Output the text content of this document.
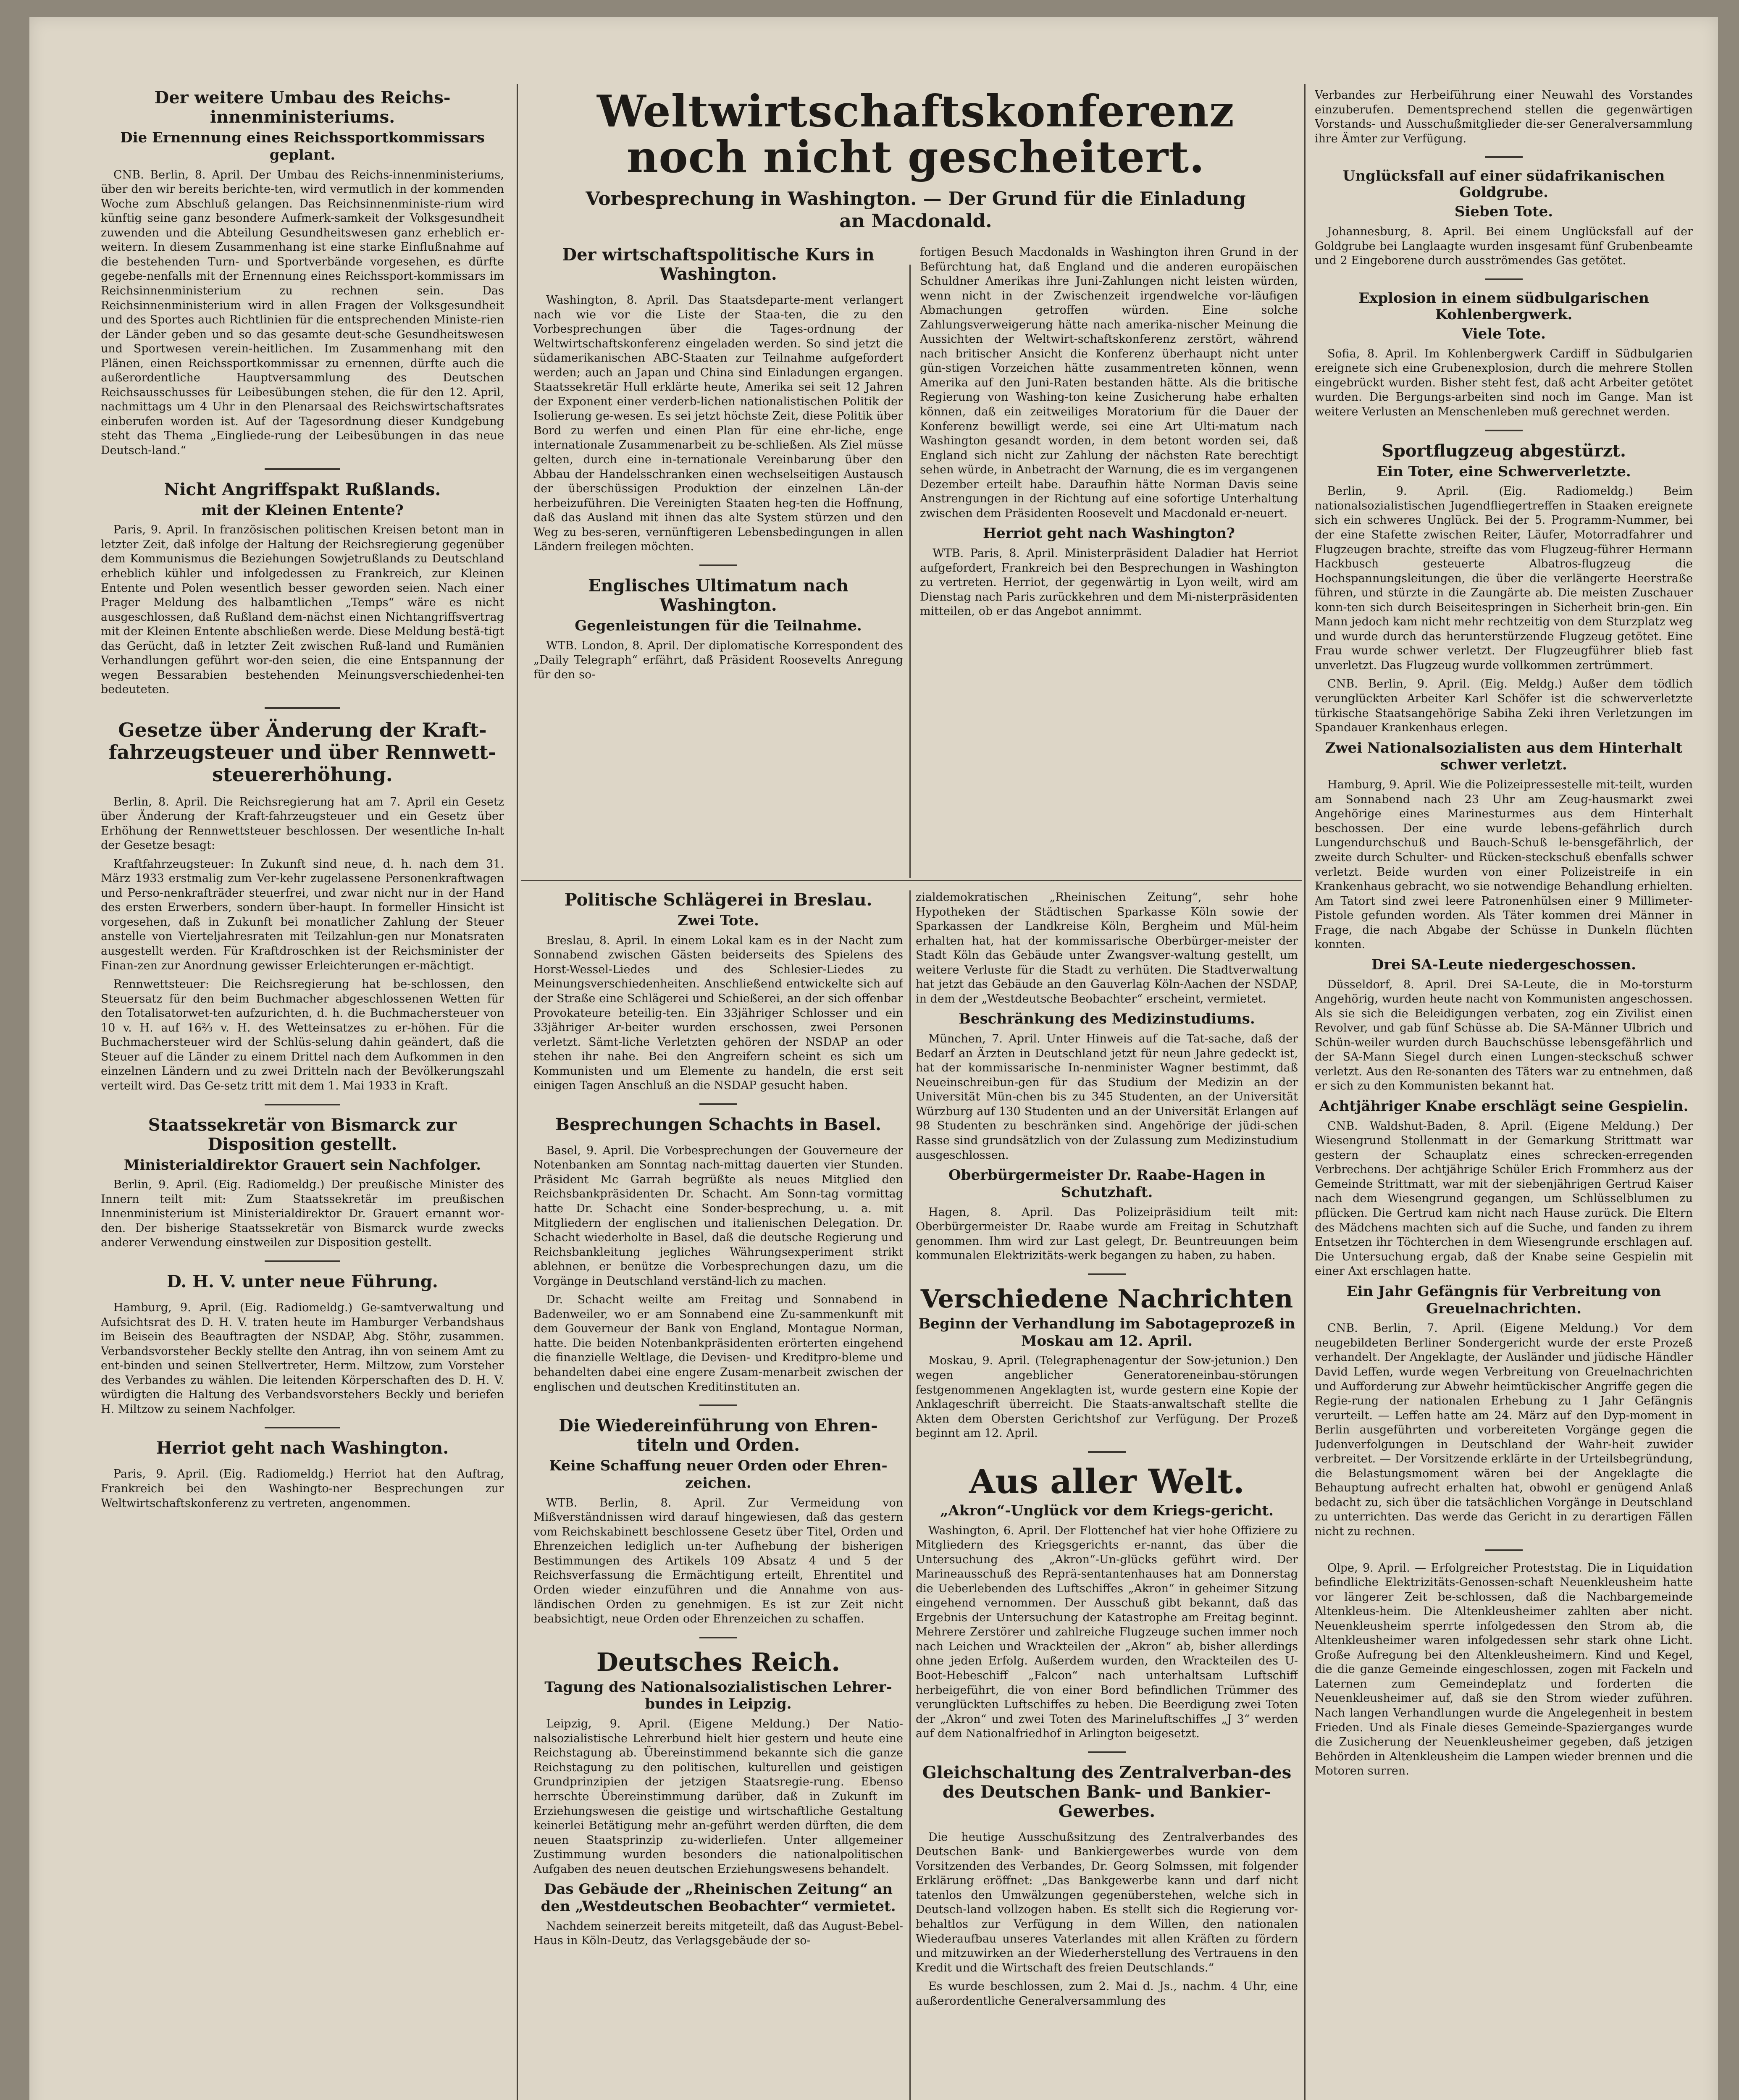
Der weitere Umbau des Reichs-innenministeriums.
Die Ernennung eines Reichssportkommissars geplant.

CNB. Berlin, 8. April. Der Umbau des Reichs-innenministeriums, über den wir bereits berichte-ten, wird vermutlich in der kommenden Woche zum Abschluß gelangen. Das Reichsinnenministe-rium wird künftig seine ganz besondere Aufmerk-samkeit der Volksgesundheit zuwenden und die Abteilung Gesundheitswesen ganz erheblich er-weitern. In diesem Zusammenhang ist eine starke Einflußnahme auf die bestehenden Turn- und Sportverbände vorgesehen, es dürfte gegebe-nenfalls mit der Ernennung eines Reichssport-kommissars im Reichsinnenministerium zu rechnen sein. Das Reichsinnenministerium wird in allen Fragen der Volksgesundheit und des Sportes auch Richtlinien für die entsprechenden Ministe-rien der Länder geben und so das gesamte deut-sche Gesundheitswesen und Sportwesen verein-heitlichen. Im Zusammenhang mit den Plänen, einen Reichssportkommissar zu ernennen, dürfte auch die außerordentliche Hauptversammlung des Deutschen Reichsausschusses für Leibesübungen stehen, die für den 12. April, nachmittags um 4 Uhr in den Plenarsaal des Reichswirtschaftsrates einberufen worden ist. Auf der Tagesordnung dieser Kundgebung steht das Thema „Eingliede-rung der Leibesübungen in das neue Deutsch-land.“

Nicht Angriffspakt Rußlands.
mit der Kleinen Entente?

Paris, 9. April. In französischen politischen Kreisen betont man in letzter Zeit, daß infolge der Haltung der Reichsregierung gegenüber dem Kommunismus die Beziehungen Sowjetrußlands zu Deutschland erheblich kühler und infolgedessen zu Frankreich, zur Kleinen Entente und Polen wesentlich besser geworden seien. Nach einer Prager Meldung des halbamtlichen „Temps“ wäre es nicht ausgeschlossen, daß Rußland dem-nächst einen Nichtangriffsvertrag mit der Kleinen Entente abschließen werde. Diese Meldung bestä-tigt das Gerücht, daß in letzter Zeit zwischen Ruß-land und Rumänien Verhandlungen geführt wor-den seien, die eine Entspannung der wegen Bessarabien bestehenden Meinungsverschiedenhei-ten bedeuteten.

Gesetze über Änderung der Kraft-fahrzeugsteuer und über Rennwett-steuererhöhung.

Berlin, 8. April. Die Reichsregierung hat am 7. April ein Gesetz über Änderung der Kraft-fahrzeugsteuer und ein Gesetz über Erhöhung der Rennwettsteuer beschlossen. Der wesentliche In-halt der Gesetze besagt:

Kraftfahrzeugsteuer: In Zukunft sind neue, d. h. nach dem 31. März 1933 erstmalig zum Ver-kehr zugelassene Personenkraftwagen und Perso-nenkrafträder steuerfrei, und zwar nicht nur in der Hand des ersten Erwerbers, sondern über-haupt. In formeller Hinsicht ist vorgesehen, daß in Zukunft bei monatlicher Zahlung der Steuer anstelle von Vierteljahresraten mit Teilzahlun-gen nur Monatsraten ausgestellt werden. Für Kraftdroschken ist der Reichsminister der Finan-zen zur Anordnung gewisser Erleichterungen er-mächtigt.

Rennwettsteuer: Die Reichsregierung hat be-schlossen, den Steuersatz für den beim Buchmacher abgeschlossenen Wetten für den Totalisatorwet-ten aufzurichten, d. h. die Buchmachersteuer von 10 v. H. auf 16⅔ v. H. des Wetteinsatzes zu er-höhen. Für die Buchmachersteuer wird der Schlüs-selung dahin geändert, daß die Steuer auf die Länder zu einem Drittel nach dem Aufkommen in den einzelnen Ländern und zu zwei Dritteln nach der Bevölkerungszahl verteilt wird. Das Ge-setz tritt mit dem 1. Mai 1933 in Kraft.

Staatssekretär von Bismarck zur Disposition gestellt.
Ministerialdirektor Grauert sein Nachfolger.

Berlin, 9. April. (Eig. Radiomeldg.) Der preußische Minister des Innern teilt mit: Zum Staatssekretär im preußischen Innenministerium ist Ministerialdirektor Dr. Grauert ernannt wor-den. Der bisherige Staatssekretär von Bismarck wurde zwecks anderer Verwendung einstweilen zur Disposition gestellt.

D. H. V. unter neue Führung.

Hamburg, 9. April. (Eig. Radiomeldg.) Ge-samtverwaltung und Aufsichtsrat des D. H. V. traten heute im Hamburger Verbandshaus im Beisein des Beauftragten der NSDAP, Abg. Stöhr, zusammen. Verbandsvorsteher Beckly stellte den Antrag, ihn von seinem Amt zu ent-binden und seinen Stellvertreter, Herm. Miltzow, zum Vorsteher des Verbandes zu wählen. Die leitenden Körperschaften des D. H. V. würdigten die Haltung des Verbandsvorstehers Beckly und beriefen H. Miltzow zu seinem Nachfolger.

Herriot geht nach Washington.

Paris, 9. April. (Eig. Radiomeldg.) Herriot hat den Auftrag, Frankreich bei den Washingto-ner Besprechungen zur Weltwirtschaftskonferenz zu vertreten, angenommen.

Weltwirtschaftskonferenz noch nicht gescheitert.
Vorbesprechung in Washington. — Der Grund für die Einladung an Macdonald.
Der wirtschaftspolitische Kurs in Washington.

Washington, 8. April. Das Staatsdeparte-ment verlangert nach wie vor die Liste der Staa-ten, die zu den Vorbesprechungen über die Tages-ordnung der Weltwirtschaftskonferenz eingeladen werden. So sind jetzt die südamerikanischen ABC-Staaten zur Teilnahme aufgefordert werden; auch an Japan und China sind Einladungen ergangen. Staatssekretär Hull erklärte heute, Amerika sei seit 12 Jahren der Exponent einer verderb-lichen nationalistischen Politik der Isolierung ge-wesen. Es sei jetzt höchste Zeit, diese Politik über Bord zu werfen und einen Plan für eine ehr-liche, enge internationale Zusammenarbeit zu be-schließen. Als Ziel müsse gelten, durch eine in-ternationale Vereinbarung über den Abbau der Handelsschranken einen wechselseitigen Austausch der überschüssigen Produktion der einzelnen Län-der herbeizuführen. Die Vereinigten Staaten heg-ten die Hoffnung, daß das Ausland mit ihnen das alte System stürzen und den Weg zu bes-seren, vernünftigeren Lebensbedingungen in allen Ländern freilegen möchten.

Englisches Ultimatum nach Washington.
Gegenleistungen für die Teilnahme.

WTB. London, 8. April. Der diplomatische Korrespondent des „Daily Telegraph“ erfährt, daß Präsident Roosevelts Anregung für den so-

fortigen Besuch Macdonalds in Washington ihren Grund in der Befürchtung hat, daß England und die anderen europäischen Schuldner Amerikas ihre Juni-Zahlungen nicht leisten würden, wenn nicht in der Zwischenzeit irgendwelche vor-läufigen Abmachungen getroffen würden. Eine solche Zahlungsverweigerung hätte nach amerika-nischer Meinung die Aussichten der Weltwirt-schaftskonferenz zerstört, während nach britischer Ansicht die Konferenz überhaupt nicht unter gün-stigen Vorzeichen hätte zusammentreten können, wenn Amerika auf den Juni-Raten bestanden hätte. Als die britische Regierung von Washing-ton keine Zusicherung habe erhalten können, daß ein zeitweiliges Moratorium für die Dauer der Konferenz bewilligt werde, sei eine Art Ulti-matum nach Washington gesandt worden, in dem betont worden sei, daß England sich nicht zur Zahlung der nächsten Rate berechtigt sehen würde, in Anbetracht der Warnung, die es im vergangenen Dezember erteilt habe. Daraufhin hätte Norman Davis seine Anstrengungen in der Richtung auf eine sofortige Unterhaltung zwischen dem Präsidenten Roosevelt und Macdonald er-neuert.

Herriot geht nach Washington?

WTB. Paris, 8. April. Ministerpräsident Daladier hat Herriot aufgefordert, Frankreich bei den Besprechungen in Washington zu vertreten. Herriot, der gegenwärtig in Lyon weilt, wird am Dienstag nach Paris zurückkehren und dem Mi-nisterpräsidenten mitteilen, ob er das Angebot annimmt.

Politische Schlägerei in Breslau.
Zwei Tote.

Breslau, 8. April. In einem Lokal kam es in der Nacht zum Sonnabend zwischen Gästen beiderseits des Spielens des Horst-Wessel-Liedes und des Schlesier-Liedes zu Meinungsverschiedenheiten. Anschließend entwickelte sich auf der Straße eine Schlägerei und Schießerei, an der sich offenbar Provokateure beteilig-ten. Ein 33jähriger Schlosser und ein 33jähriger Ar-beiter wurden erschossen, zwei Personen verletzt. Sämt-liche Verletzten gehören der NSDAP an oder stehen ihr nahe. Bei den Angreifern scheint es sich um Kommunisten und um Elemente zu handeln, die erst seit einigen Tagen Anschluß an die NSDAP gesucht haben.

Besprechungen Schachts in Basel.

Basel, 9. April. Die Vorbesprechungen der Gouverneure der Notenbanken am Sonntag nach-mittag dauerten vier Stunden. Präsident Mc Garrah begrüßte als neues Mitglied den Reichsbankpräsidenten Dr. Schacht. Am Sonn-tag vormittag hatte Dr. Schacht eine Sonder-besprechung, u. a. mit Mitgliedern der englischen und italienischen Delegation. Dr. Schacht wiederholte in Basel, daß die deutsche Regierung und Reichsbankleitung jegliches Währungsexperiment strikt ablehnen, er benütze die Vorbesprechungen dazu, um die Vorgänge in Deutschland verständ-lich zu machen.

Dr. Schacht weilte am Freitag und Sonnabend in Badenweiler, wo er am Sonnabend eine Zu-sammenkunft mit dem Gouverneur der Bank von England, Montague Norman, hatte. Die beiden Notenbankpräsidenten erörterten eingehend die finanzielle Weltlage, die Devisen- und Kreditpro-bleme und behandelten dabei eine engere Zusam-menarbeit zwischen der englischen und deutschen Kreditinstituten an.

Die Wiedereinführung von Ehren-titeln und Orden.
Keine Schaffung neuer Orden oder Ehren-zeichen.

WTB. Berlin, 8. April. Zur Vermeidung von Mißverständnissen wird darauf hingewiesen, daß das gestern vom Reichskabinett beschlossene Gesetz über Titel, Orden und Ehrenzeichen lediglich un-ter Aufhebung der bisherigen Bestimmungen des Artikels 109 Absatz 4 und 5 der Reichsverfassung die Ermächtigung erteilt, Ehrentitel und Orden wieder einzuführen und die Annahme von aus-ländischen Orden zu genehmigen. Es ist zur Zeit nicht beabsichtigt, neue Orden oder Ehrenzeichen zu schaffen.

Deutsches Reich.
Tagung des Nationalsozialistischen Lehrer-bundes in Leipzig.

Leipzig, 9. April. (Eigene Meldung.) Der Natio-nalsozialistische Lehrerbund hielt hier gestern und heute eine Reichstagung ab. Übereinstimmend bekannte sich die ganze Reichstagung zu den politischen, kulturellen und geistigen Grundprinzipien der jetzigen Staatsregie-rung. Ebenso herrschte Übereinstimmung darüber, daß in Zukunft im Erziehungswesen die geistige und wirtschaftliche Gestaltung keinerlei Betätigung mehr an-geführt werden dürften, die dem neuen Staatsprinzip zu-widerliefen. Unter allgemeiner Zustimmung wurden besonders die nationalpolitischen Aufgaben des neuen deutschen Erziehungswesens behandelt.

Das Gebäude der „Rheinischen Zeitung“ an den „Westdeutschen Beobachter“ vermietet.

Nachdem seinerzeit bereits mitgeteilt, daß das August-Bebel-Haus in Köln-Deutz, das Verlagsgebäude der so-

zialdemokratischen „Rheinischen Zeitung“, sehr hohe Hypotheken der Städtischen Sparkasse Köln sowie der Sparkassen der Landkreise Köln, Bergheim und Mül-heim erhalten hat, hat der kommissarische Oberbürger-meister der Stadt Köln das Gebäude unter Zwangsver-waltung gestellt, um weitere Verluste für die Stadt zu verhüten. Die Stadtverwaltung hat jetzt das Gebäude an den Gauverlag Köln-Aachen der NSDAP, in dem der „Westdeutsche Beobachter“ erscheint, vermietet.

Beschränkung des Medizinstudiums.

München, 7. April. Unter Hinweis auf die Tat-sache, daß der Bedarf an Ärzten in Deutschland jetzt für neun Jahre gedeckt ist, hat der kommissarische In-nenminister Wagner bestimmt, daß Neueinschreibun-gen für das Studium der Medizin an der Universität Mün-chen bis zu 345 Studenten, an der Universität Würzburg auf 130 Studenten und an der Universität Erlangen auf 98 Studenten zu beschränken sind. Angehörige der jüdi-schen Rasse sind grundsätzlich von der Zulassung zum Medizinstudium ausgeschlossen.

Oberbürgermeister Dr. Raabe-Hagen in Schutzhaft.

Hagen, 8. April. Das Polizeipräsidium teilt mit: Oberbürgermeister Dr. Raabe wurde am Freitag in Schutzhaft genommen. Ihm wird zur Last gelegt, Dr. Beuntreuungen beim kommunalen Elektrizitäts-werk begangen zu haben, zu haben.

Verschiedene Nachrichten
Beginn der Verhandlung im Sabotageprozeß in Moskau am 12. April.

Moskau, 9. April. (Telegraphenagentur der Sow-jetunion.) Den wegen angeblicher Generatoreneinbau-störungen festgenommenen Angeklagten ist, wurde gestern eine Kopie der Anklageschrift überreicht. Die Staats-anwaltschaft stellte die Akten dem Obersten Gerichtshof zur Verfügung. Der Prozeß beginnt am 12. April.

Aus aller Welt.
„Akron“-Unglück vor dem Kriegs-gericht.

Washington, 6. April. Der Flottenchef hat vier hohe Offiziere zu Mitgliedern des Kriegsgerichts er-nannt, das über die Untersuchung des „Akron“-Un-glücks geführt wird. Der Marineausschuß des Reprä-sentantenhauses hat am Donnerstag die Ueberlebenden des Luftschiffes „Akron“ in geheimer Sitzung eingehend vernommen. Der Ausschuß gibt bekannt, daß das Ergebnis der Untersuchung der Katastrophe am Freitag beginnt. Mehrere Zerstörer und zahlreiche Flugzeuge suchen immer noch nach Leichen und Wrackteilen der „Akron“ ab, bisher allerdings ohne jeden Erfolg. Außerdem wurden, den Wrackteilen des U-Boot-Hebeschiff „Falcon“ nach unterhaltsam Luftschiff herbeigeführt, die von einer Bord befindlichen Trümmer des verunglückten Luftschiffes zu heben. Die Beerdigung zwei Toten der „Akron“ und zwei Toten des Marineluftschiffes „J 3“ werden auf dem Nationalfriedhof in Arlington beigesetzt.

Gleichschaltung des Zentralverban-des des Deutschen Bank- und Bankier-Gewerbes.

Die heutige Ausschußsitzung des Zentralverbandes des Deutschen Bank- und Bankiergewerbes wurde von dem Vorsitzenden des Verbandes, Dr. Georg Solmssen, mit folgender Erklärung eröffnet: „Das Bankgewerbe kann und darf nicht tatenlos den Umwälzungen gegenüberstehen, welche sich in Deutsch-land vollzogen haben. Es stellt sich die Regierung vor-behaltlos zur Verfügung in dem Willen, den nationalen Wiederaufbau unseres Vaterlandes mit allen Kräften zu fördern und mitzuwirken an der Wiederherstellung des Vertrauens in den Kredit und die Wirtschaft des freien Deutschlands.“

Es wurde beschlossen, zum 2. Mai d. Js., nachm. 4 Uhr, eine außerordentliche Generalversammlung des

Verbandes zur Herbeiführung einer Neuwahl des Vorstandes einzuberufen. Dementsprechend stellen die gegenwärtigen Vorstands- und Ausschußmitglieder die-ser Generalversammlung ihre Ämter zur Verfügung.

Unglücksfall auf einer südafrikanischen Goldgrube.
Sieben Tote.

Johannesburg, 8. April. Bei einem Unglücksfall auf der Goldgrube bei Langlaagte wurden insgesamt fünf Grubenbeamte und 2 Eingeborene durch ausströmendes Gas getötet.

Explosion in einem südbulgarischen Kohlenbergwerk.
Viele Tote.

Sofia, 8. April. Im Kohlenbergwerk Cardiff in Südbulgarien ereignete sich eine Grubenexplosion, durch die mehrere Stollen eingebrückt wurden. Bisher steht fest, daß acht Arbeiter getötet wurden. Die Bergungs-arbeiten sind noch im Gange. Man ist weitere Verlusten an Menschenleben muß gerechnet werden.

Sportflugzeug abgestürzt.
Ein Toter, eine Schwerverletzte.

Berlin, 9. April. (Eig. Radiomeldg.) Beim nationalsozialistischen Jugendfliegertreffen in Staaken ereignete sich ein schweres Unglück. Bei der 5. Programm-Nummer, bei der eine Stafette zwischen Reiter, Läufer, Motorradfahrer und Flugzeugen brachte, streifte das vom Flugzeug-führer Hermann Hackbusch gesteuerte Albatros-flugzeug die Hochspannungsleitungen, die über die verlängerte Heerstraße führen, und stürzte in die Zaungärte ab. Die meisten Zuschauer konn-ten sich durch Beiseitespringen in Sicherheit brin-gen. Ein Mann jedoch kam nicht mehr rechtzeitig von dem Sturzplatz weg und wurde durch das herunterstürzende Flugzeug getötet. Eine Frau wurde schwer verletzt. Der Flugzeugführer blieb fast unverletzt. Das Flugzeug wurde vollkommen zertrümmert.

CNB. Berlin, 9. April. (Eig. Meldg.) Außer dem tödlich verunglückten Arbeiter Karl Schöfer ist die schwerverletzte türkische Staatsangehörige Sabiha Zeki ihren Verletzungen im Spandauer Krankenhaus erlegen.

Zwei Nationalsozialisten aus dem Hinterhalt schwer verletzt.

Hamburg, 9. April. Wie die Polizeipressestelle mit-teilt, wurden am Sonnabend nach 23 Uhr am Zeug-hausmarkt zwei Angehörige eines Marinesturmes aus dem Hinterhalt beschossen. Der eine wurde lebens-gefährlich durch Lungendurchschuß und Bauch-Schuß le-bensgefährlich, der zweite durch Schulter- und Rücken-steckschuß ebenfalls schwer verletzt. Beide wurden von einer Polizeistreife in ein Krankenhaus gebracht, wo sie notwendige Behandlung erhielten. Am Tatort sind zwei leere Patronenhülsen einer 9 Millimeter-Pistole gefunden worden. Als Täter kommen drei Männer in Frage, die nach Abgabe der Schüsse in Dunkeln flüchten konnten.

Drei SA-Leute niedergeschossen.

Düsseldorf, 8. April. Drei SA-Leute, die in Mo-torsturm Angehörig, wurden heute nacht von Kommunisten angeschossen. Als sie sich die Beleidigungen verbaten, zog ein Zivilist einen Revolver, und gab fünf Schüsse ab. Die SA-Männer Ulbrich und Schün-weiler wurden durch Bauchschüsse lebensgefährlich und der SA-Mann Siegel durch einen Lungen-steckschuß schwer verletzt. Aus den Re-sonanten des Täters war zu entnehmen, daß er sich zu den Kommunisten bekannt hat.

Achtjähriger Knabe erschlägt seine Gespielin.

CNB. Waldshut-Baden, 8. April. (Eigene Meldung.) Der Wiesengrund Stollenmatt in der Gemarkung Strittmatt war gestern der Schauplatz eines schrecken-erregenden Verbrechens. Der achtjährige Schüler Erich Frommherz aus der Gemeinde Strittmatt, war mit der siebenjährigen Gertrud Kaiser nach dem Wiesengrund gegangen, um Schlüsselblumen zu pflücken. Die Gertrud kam nicht nach Hause zurück. Die Eltern des Mädchens machten sich auf die Suche, und fanden zu ihrem Entsetzen ihr Töchterchen in dem Wiesengrunde erschlagen auf. Die Untersuchung ergab, daß der Knabe seine Gespielin mit einer Axt erschlagen hatte.

Ein Jahr Gefängnis für Verbreitung von Greuelnachrichten.

CNB. Berlin, 7. April. (Eigene Meldung.) Vor dem neugebildeten Berliner Sondergericht wurde der erste Prozeß verhandelt. Der Angeklagte, der Ausländer und jüdische Händler David Leffen, wurde wegen Verbreitung von Greuelnachrichten und Aufforderung zur Abwehr heimtückischer Angriffe gegen die Regie-rung der nationalen Erhebung zu 1 Jahr Gefängnis verurteilt. — Leffen hatte am 24. März auf den Dyp-moment in Berlin ausgeführten und vorbereiteten Vorgänge gegen die Judenverfolgungen in Deutschland der Wahr-heit zuwider verbreitet. — Der Vorsitzende erklärte in der Urteilsbegründung, die Belastungsmoment wären bei der Angeklagte die Behauptung aufrecht erhalten hat, obwohl er genügend Anlaß bedacht zu, sich über die tatsächlichen Vorgänge in Deutschland zu unterrichten. Das werde das Gericht in zu derartigen Fällen nicht zu rechnen.

Olpe, 9. April. — Erfolgreicher Proteststag. Die in Liquidation befindliche Elektrizitäts-Genossen-schaft Neuenkleusheim hatte vor längerer Zeit be-schlossen, daß die Nachbargemeinde Altenkleus-heim. Die Altenkleusheimer zahlten aber nicht. Neuenkleusheim sperrte infolgedessen den Strom ab, die Altenkleusheimer waren infolgedessen sehr stark ohne Licht. Große Aufregung bei den Altenkleusheimern. Kind und Kegel, die die ganze Gemeinde eingeschlossen, zogen mit Fackeln und Laternen zum Gemeindeplatz und forderten die Neuenkleusheimer auf, daß sie den Strom wieder zuführen. Nach langen Verhandlungen wurde die Angelegenheit in bestem Frieden. Und als Finale dieses Gemeinde-Spazierganges wurde die Zusicherung der Neuenkleusheimer gegeben, daß jetzigen Behörden in Altenkleusheim die Lampen wieder brennen und die Motoren surren.
